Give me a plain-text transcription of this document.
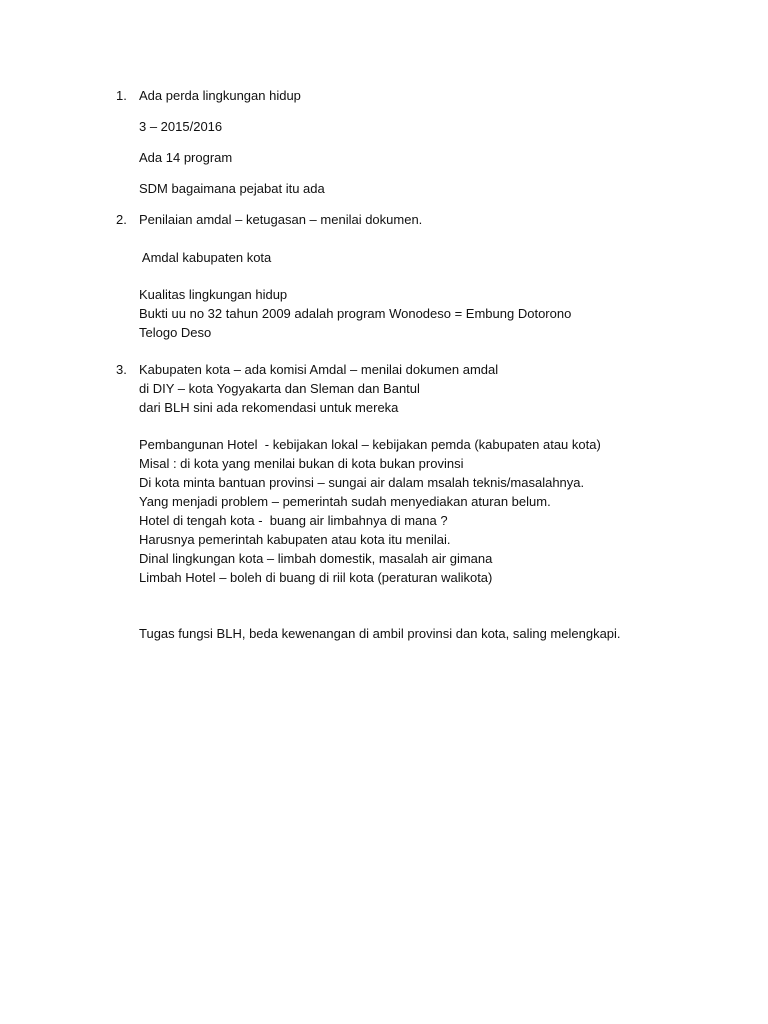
1. Ada perda lingkungan hidup
3 – 2015/2016
Ada 14 program
SDM bagaimana pejabat itu ada
2. Penilaian amdal – ketugasan – menilai dokumen.
Amdal kabupaten kota
Kualitas lingkungan hidup
Bukti uu no 32 tahun 2009 adalah program Wonodeso = Embung Dotorono
Telogo Deso
3. Kabupaten kota – ada komisi Amdal – menilai dokumen amdal
di DIY – kota Yogyakarta dan Sleman dan Bantul
dari BLH sini ada rekomendasi untuk mereka
Pembangunan Hotel  - kebijakan lokal – kebijakan pemda (kabupaten atau kota)
Misal : di kota yang menilai bukan di kota bukan provinsi
Di kota minta bantuan provinsi – sungai air dalam msalah teknis/masalahnya.
Yang menjadi problem – pemerintah sudah menyediakan aturan belum.
Hotel di tengah kota -  buang air limbahnya di mana ?
Harusnya pemerintah kabupaten atau kota itu menilai.
Dinal lingkungan kota – limbah domestik, masalah air gimana
Limbah Hotel – boleh di buang di riil kota (peraturan walikota)
Tugas fungsi BLH, beda kewenangan di ambil provinsi dan kota, saling melengkapi.
